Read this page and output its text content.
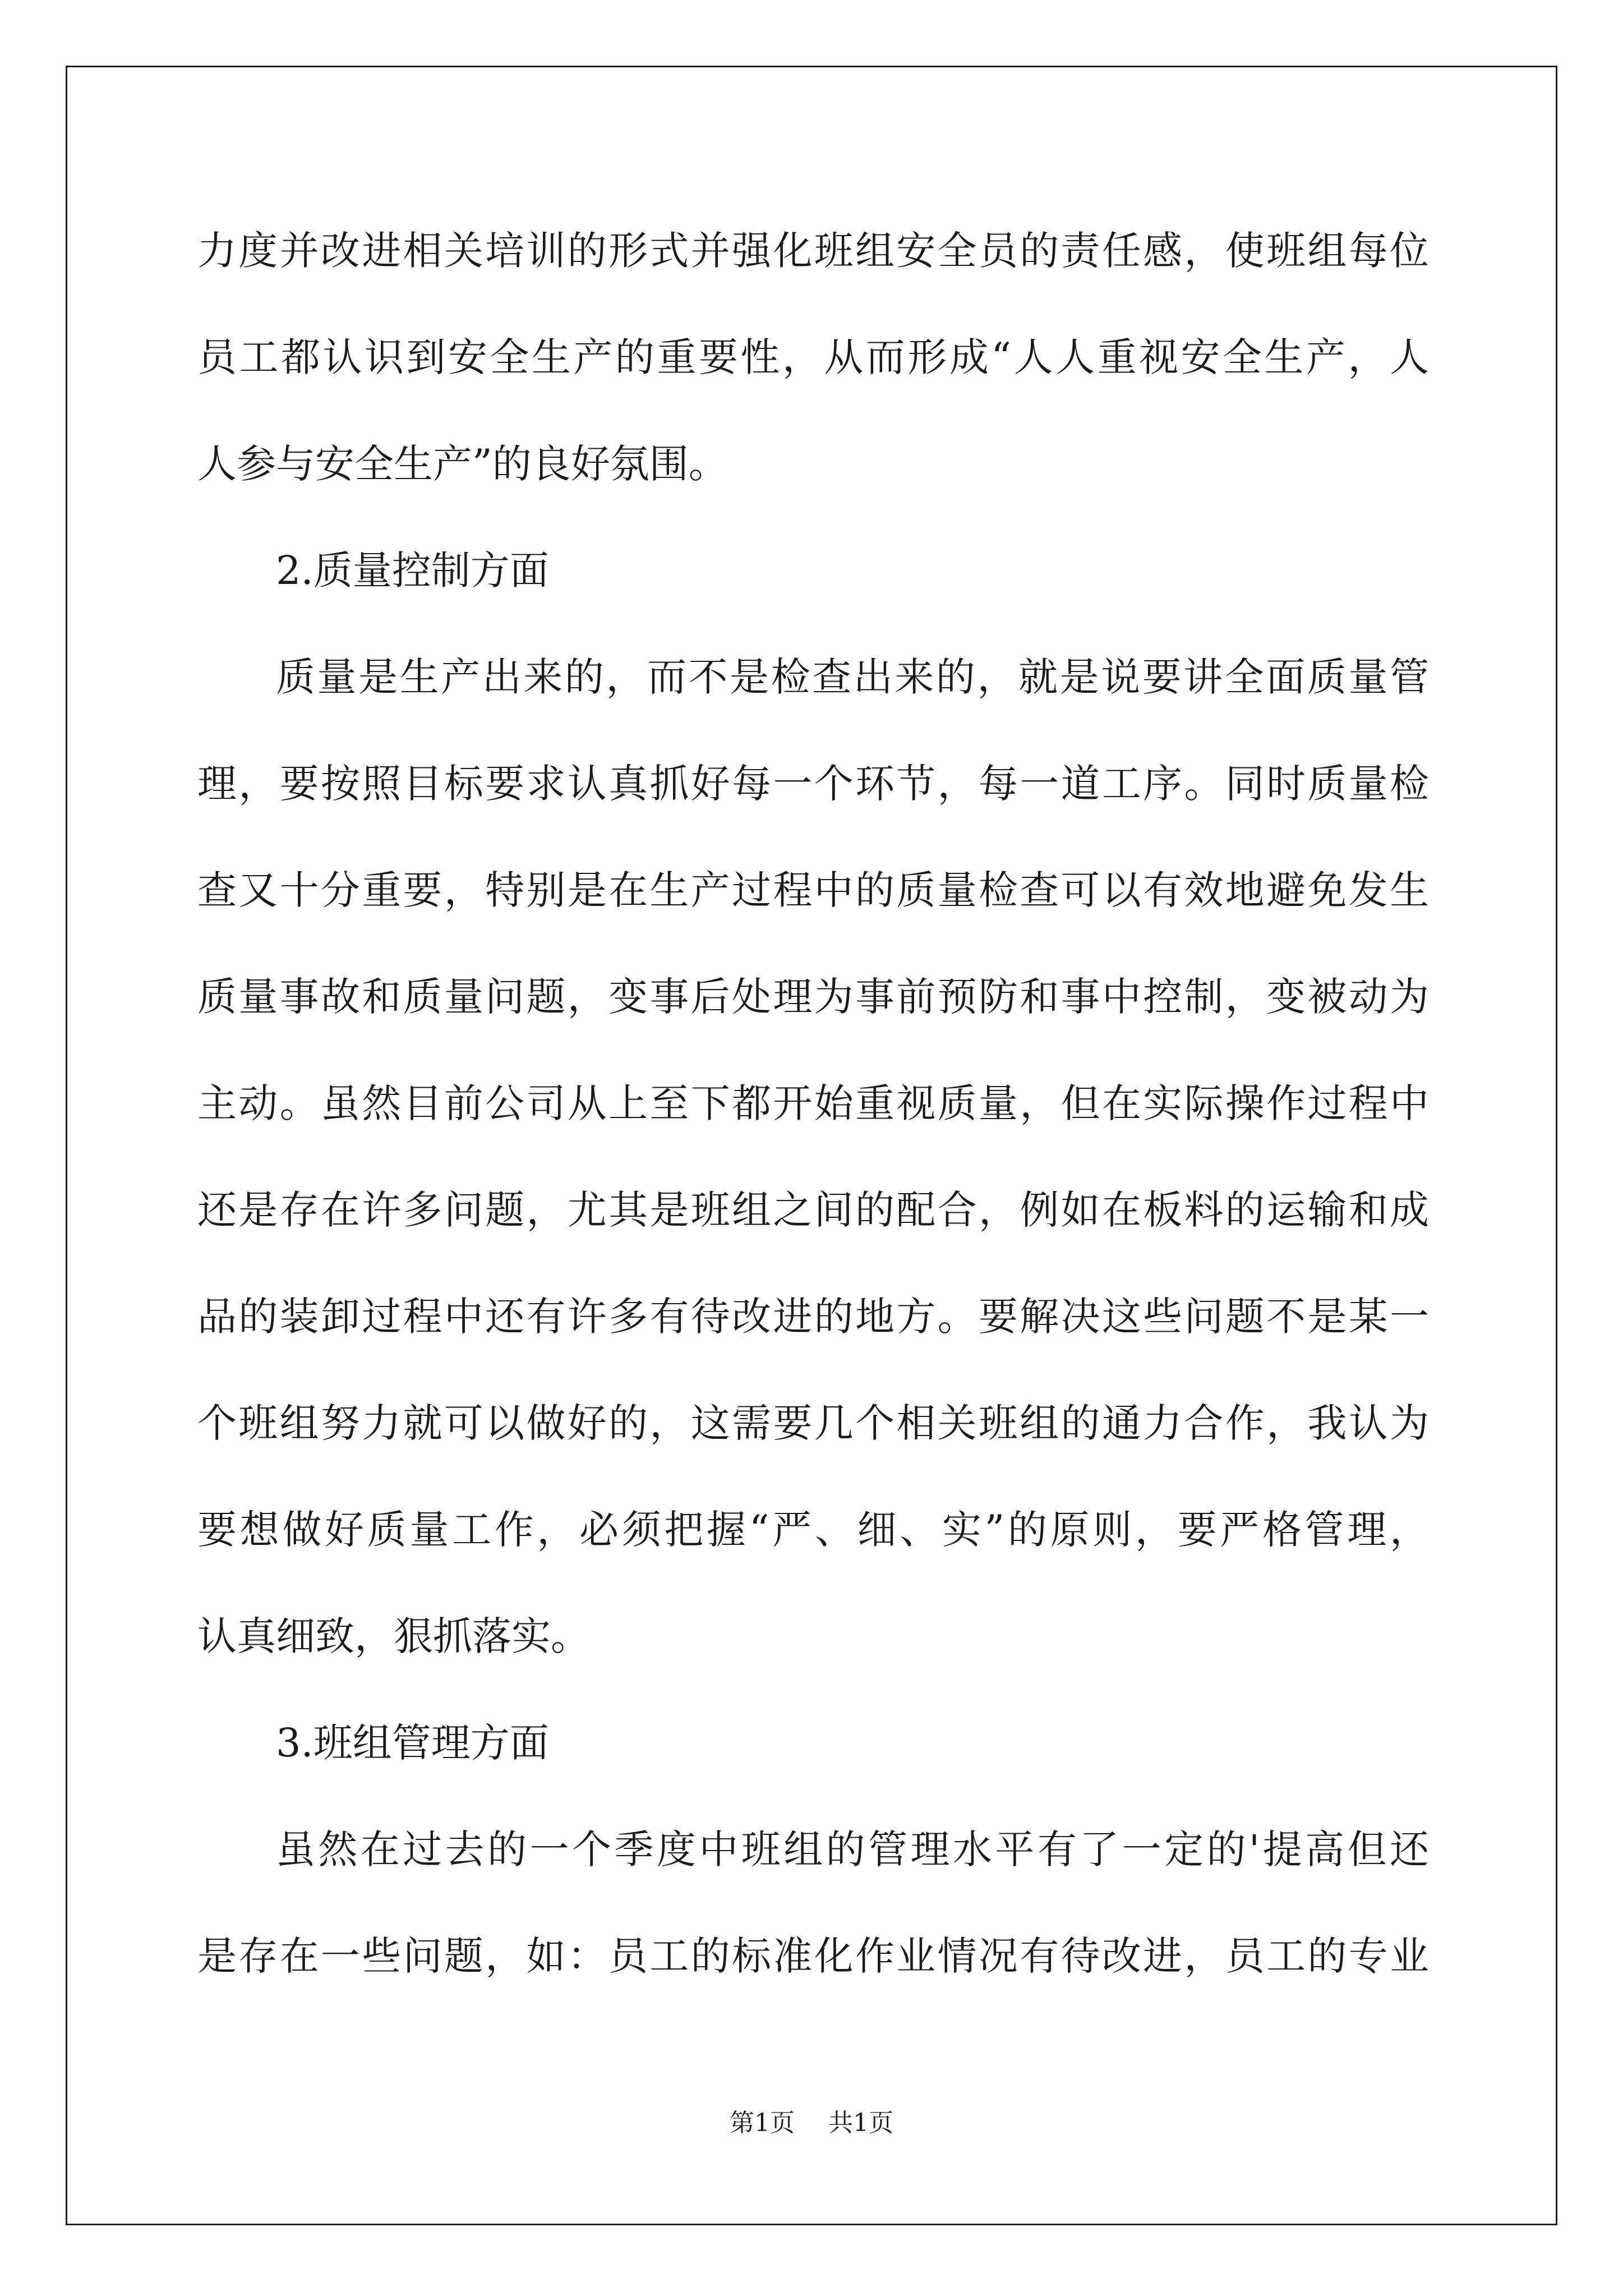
力度并改进相关培训的形式并强化班组安全员的责任感，使班组每位
员工都认识到安全生产的重要性，从而形成“人人重视安全生产，人
人参与安全生产”的良好氛围。
2.质量控制方面
质量是生产出来的，而不是检查出来的，就是说要讲全面质量管
理，要按照目标要求认真抓好每一个环节，每一道工序。同时质量检
查又十分重要，特别是在生产过程中的质量检查可以有效地避免发生
质量事故和质量问题，变事后处理为事前预防和事中控制，变被动为
主动。虽然目前公司从上至下都开始重视质量，但在实际操作过程中
还是存在许多问题，尤其是班组之间的配合，例如在板料的运输和成
品的装卸过程中还有许多有待改进的地方。要解决这些问题不是某一
个班组努力就可以做好的，这需要几个相关班组的通力合作，我认为
要想做好质量工作，必须把握“严、细、实”的原则，要严格管理，
认真细致，狠抓落实。
3.班组管理方面
虽然在过去的一个季度中班组的管理水平有了一定的'提高但还
是存在一些问题，如：员工的标准化作业情况有待改进，员工的专业
第1页 共1页
